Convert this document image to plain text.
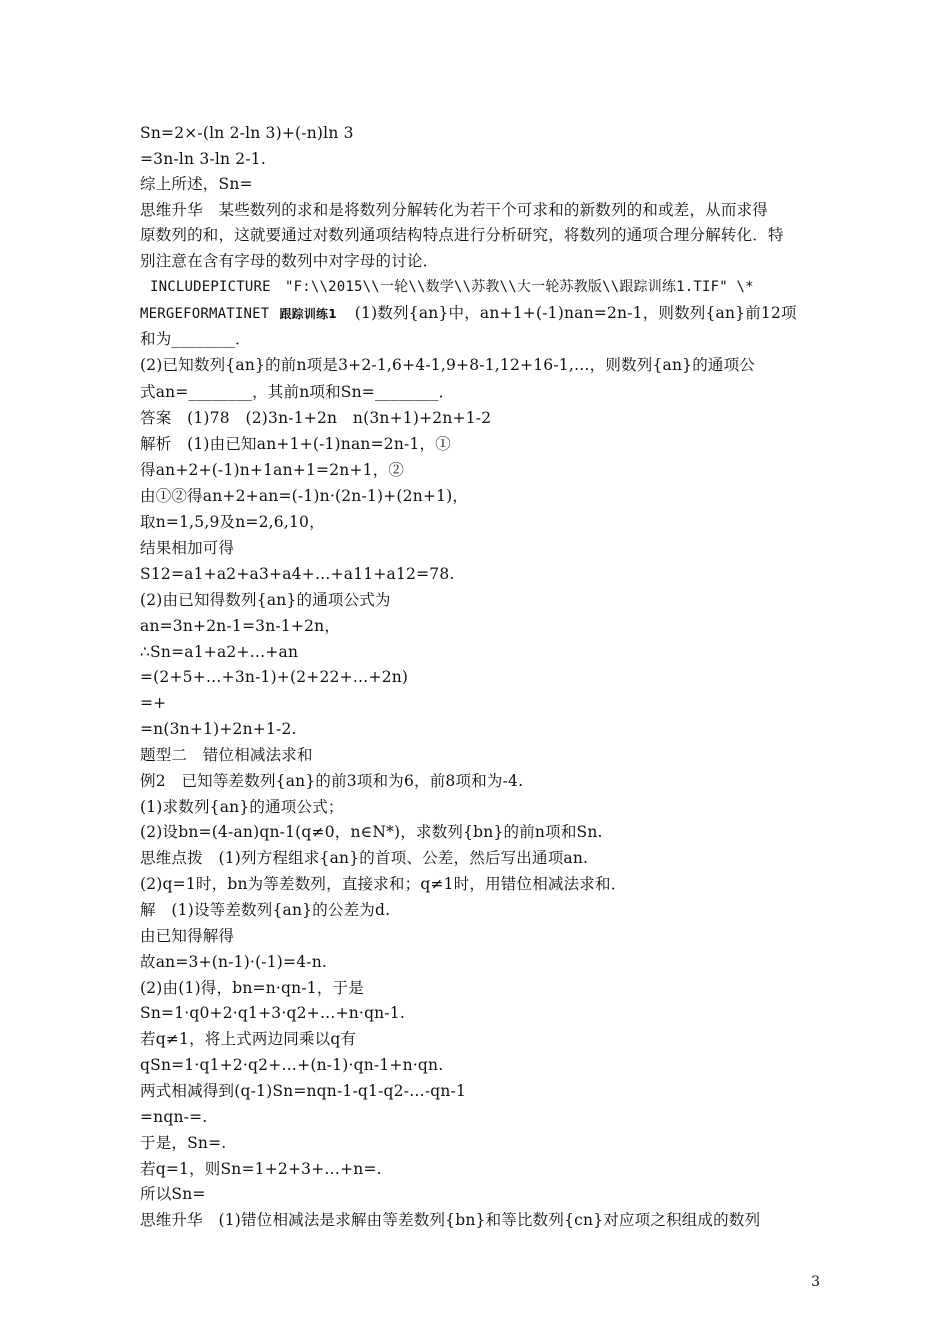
Sn=2×-(ln 2-ln 3)+(-n)ln 3
=3n-ln 3-ln 2-1.
综上所述，Sn=
思维升华　某些数列的求和是将数列分解转化为若干个可求和的新数列的和或差，从而求得
原数列的和，这就要通过对数列通项结构特点进行分析研究，将数列的通项合理分解转化．特
别注意在含有字母的数列中对字母的讨论．
INCLUDEPICTURE　"F:\\2015\\一轮\\数学\\苏教\\大一轮苏教版\\跟踪训练1.TIF" \*
MERGEFORMATINET 跟踪训练1 (1)数列{an}中，an+1+(-1)nan=2n-1，则数列{an}前12项
和为________．
(2)已知数列{an}的前n项是3+2-1,6+4-1,9+8-1,12+16-1,…，则数列{an}的通项公
式an=________，其前n项和Sn=________．
答案　(1)78　(2)3n-1+2n　n(3n+1)+2n+1-2
解析　(1)由已知an+1+(-1)nan=2n-1，①
得an+2+(-1)n+1an+1=2n+1，②
由①②得an+2+an=(-1)n·(2n-1)+(2n+1)，
取n=1,5,9及n=2,6,10，
结果相加可得
S12=a1+a2+a3+a4+…+a11+a12=78.
(2)由已知得数列{an}的通项公式为
an=3n+2n-1=3n-1+2n，
∴Sn=a1+a2+…+an
=(2+5+…+3n-1)+(2+22+…+2n)
=+
=n(3n+1)+2n+1-2.
题型二　错位相减法求和
例2　已知等差数列{an}的前3项和为6，前8项和为-4.
(1)求数列{an}的通项公式；
(2)设bn=(4-an)qn-1(q≠0，n∈N*)，求数列{bn}的前n项和Sn.
思维点拨　(1)列方程组求{an}的首项、公差，然后写出通项an.
(2)q=1时，bn为等差数列，直接求和；q≠1时，用错位相减法求和．
解　(1)设等差数列{an}的公差为d.
由已知得解得
故an=3+(n-1)·(-1)=4-n.
(2)由(1)得，bn=n·qn-1，于是
Sn=1·q0+2·q1+3·q2+…+n·qn-1.
若q≠1，将上式两边同乘以q有
qSn=1·q1+2·q2+…+(n-1)·qn-1+n·qn.
两式相减得到(q-1)Sn=nqn-1-q1-q2-…-qn-1
=nqn-=.
于是，Sn=.
若q=1，则Sn=1+2+3+…+n=.
所以Sn=
思维升华　(1)错位相减法是求解由等差数列{bn}和等比数列{cn}对应项之积组成的数列
3
